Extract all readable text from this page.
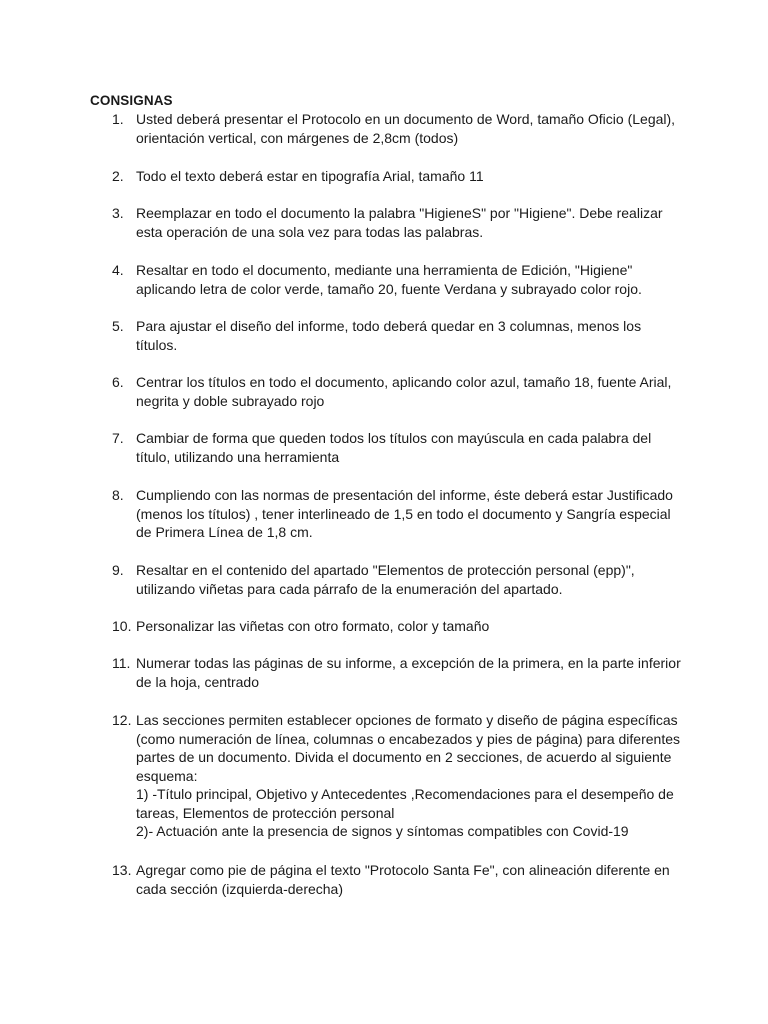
CONSIGNAS
1. Usted deberá presentar el Protocolo en un documento de Word, tamaño Oficio (Legal),
orientación vertical, con márgenes de 2,8cm (todos)
2. Todo el texto deberá estar en tipografía Arial, tamaño 11
3. Reemplazar en todo el documento la palabra "HigieneS" por "Higiene". Debe realizar
esta operación de una sola vez para todas las palabras.
4. Resaltar en todo el documento, mediante una herramienta de Edición, "Higiene"
aplicando letra de color verde, tamaño 20, fuente Verdana y subrayado color rojo.
5. Para ajustar el diseño del informe, todo deberá quedar en 3 columnas, menos los
títulos.
6. Centrar los títulos en todo el documento, aplicando color azul, tamaño 18, fuente Arial,
negrita y doble subrayado rojo
7. Cambiar de forma que queden todos los títulos con mayúscula en cada palabra del
título, utilizando una herramienta
8. Cumpliendo con las normas de presentación del informe, éste deberá estar Justificado
(menos los títulos) , tener interlineado de 1,5 en todo el documento y Sangría especial
de Primera Línea de 1,8 cm.
9. Resaltar en el contenido del apartado "Elementos de protección personal (epp)",
utilizando viñetas para cada párrafo de la enumeración del apartado.
10. Personalizar las viñetas con otro formato, color y tamaño
11. Numerar todas las páginas de su informe, a excepción de la primera, en la parte inferior
de la hoja, centrado
12. Las secciones permiten establecer opciones de formato y diseño de página específicas
(como numeración de línea, columnas o encabezados y pies de página) para diferentes
partes de un documento. Divida el documento en 2 secciones, de acuerdo al siguiente
esquema:
1) -Título principal, Objetivo y Antecedentes ,Recomendaciones para el desempeño de
tareas, Elementos de protección personal
2)- Actuación ante la presencia de signos y síntomas compatibles con Covid-19
13. Agregar como pie de página el texto "Protocolo Santa Fe", con alineación diferente en
cada sección (izquierda-derecha)
